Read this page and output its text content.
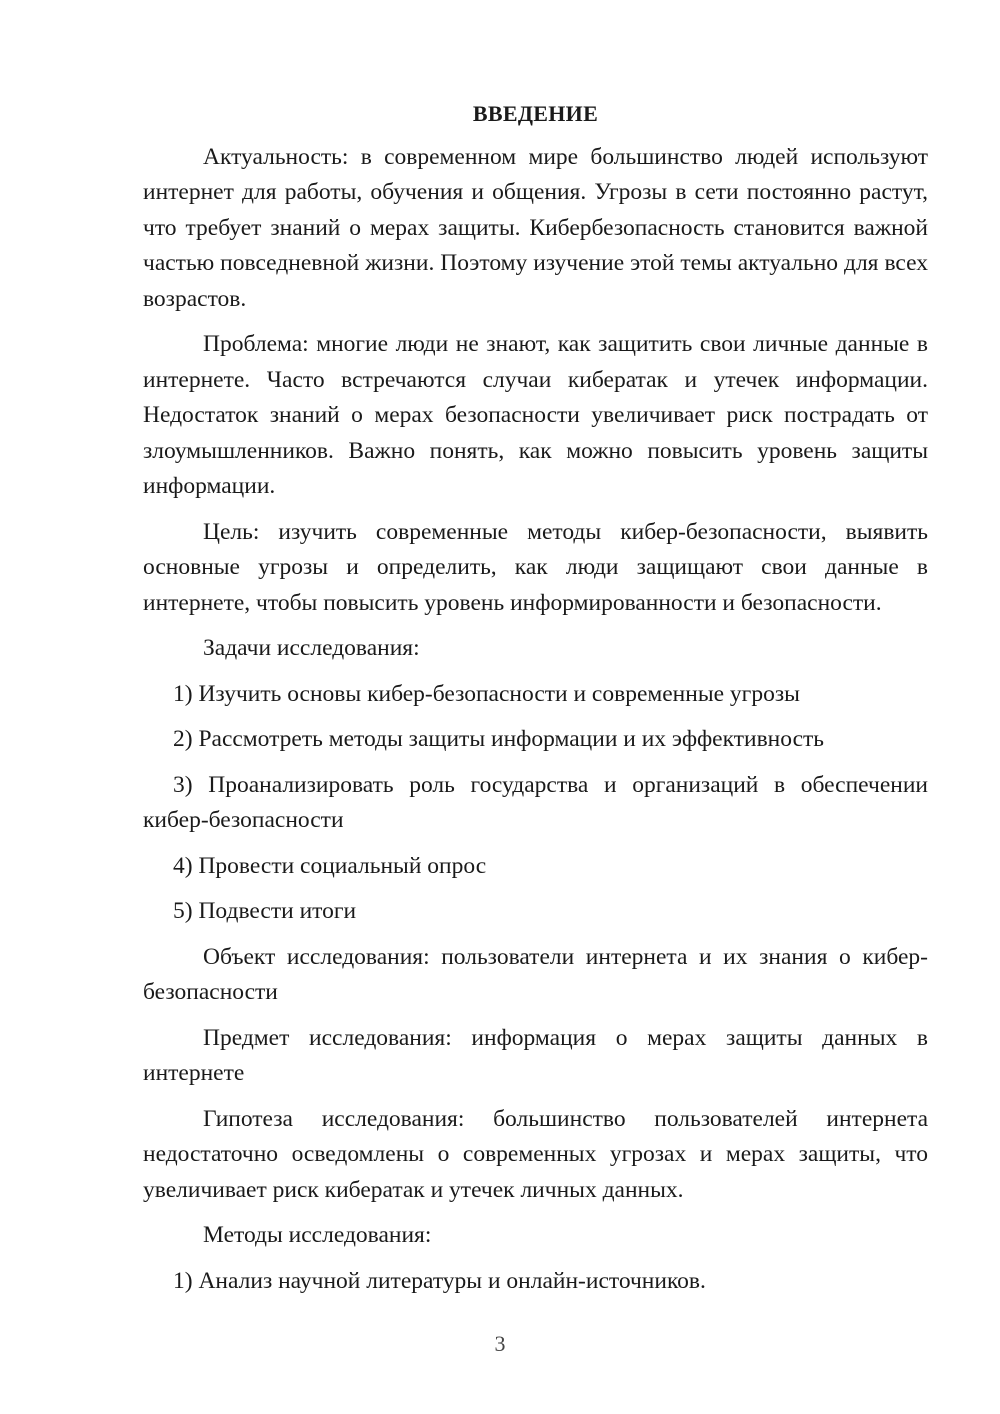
ВВЕДЕНИЕ

Актуальность: в современном мире большинство людей используют интернет для работы, обучения и общения. Угрозы в сети постоянно растут, что требует знаний о мерах защиты. Кибербезопасность становится важной частью повседневной жизни. Поэтому изучение этой темы актуально для всех возрастов.

Проблема: многие люди не знают, как защитить свои личные данные в интернете. Часто встречаются случаи кибератак и утечек информации. Недостаток знаний о мерах безопасности увеличивает риск пострадать от злоумышленников. Важно понять, как можно повысить уровень защиты информации.

Цель: изучить современные методы кибер-безопасности, выявить основные угрозы и определить, как люди защищают свои данные в интернете, чтобы повысить уровень информированности и безопасности.

Задачи исследования:

1) Изучить основы кибер-безопасности и современные угрозы

2) Рассмотреть методы защиты информации и их эффективность

3) Проанализировать роль государства и организаций в обеспечении кибер-безопасности

4) Провести социальный опрос

5) Подвести итоги

Объект исследования: пользователи интернета и их знания о кибер-безопасности

Предмет исследования: информация о мерах защиты данных в интернете

Гипотеза исследования: большинство пользователей интернета недостаточно осведомлены о современных угрозах и мерах защиты, что увеличивает риск кибератак и утечек личных данных.

Методы исследования:

1) Анализ научной литературы и онлайн-источников.

3
